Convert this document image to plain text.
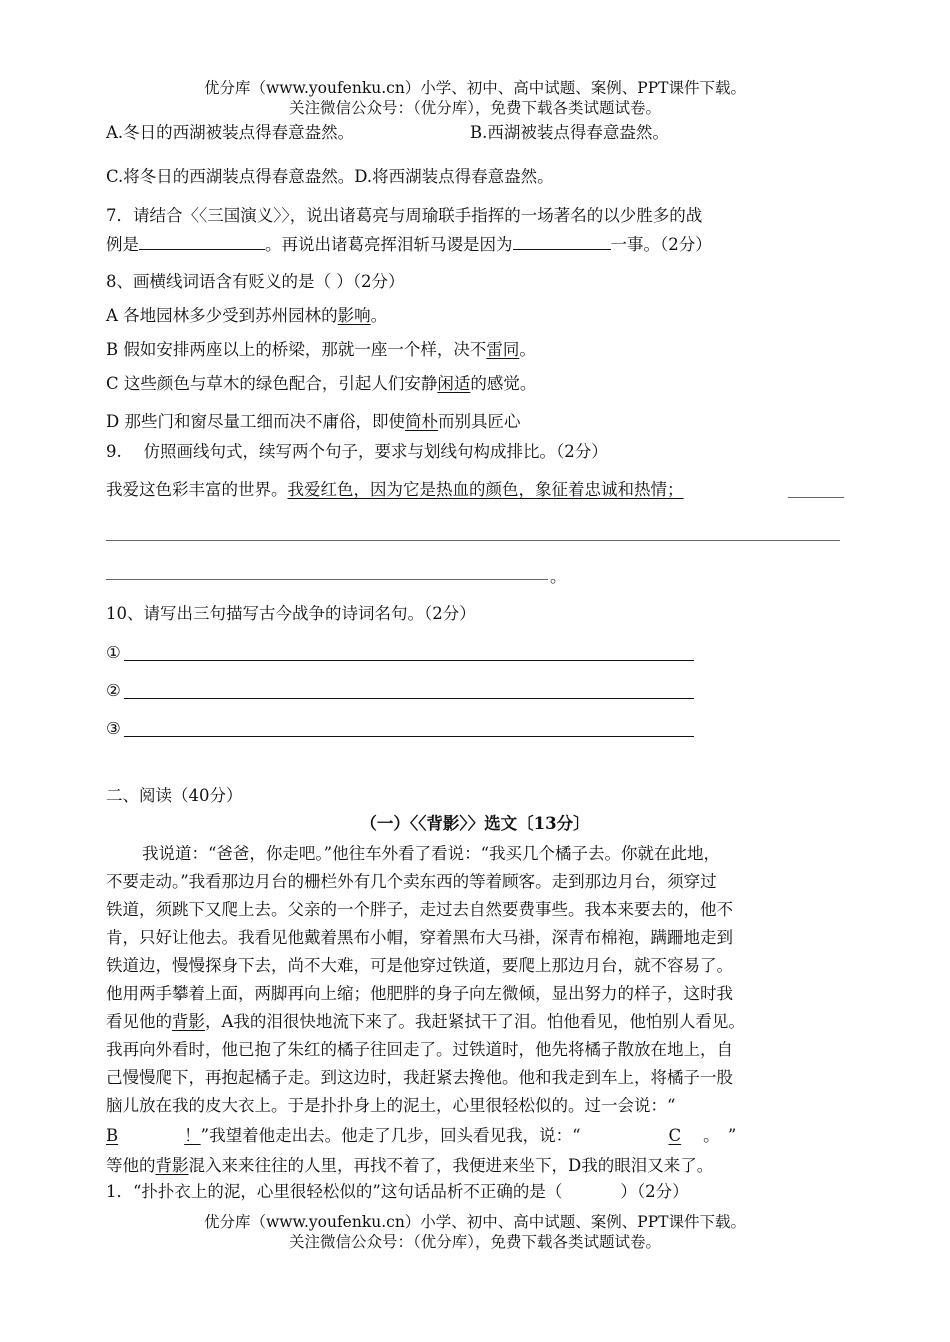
优分库（www.youfenku.cn）小学、初中、高中试题、案例、PPT课件下载。
关注微信公众号：（优分库），免费下载各类试题试卷。
A.冬日的西湖被装点得春意盎然。	B.西湖被装点得春意盎然。
C.将冬日的西湖装点得春意盎然。D.将西湖装点得春意盎然。
7．请结合〈〈三国演义〉〉，说出诸葛亮与周瑜联手指挥的一场著名的以少胜多的战
例是	。再说出诸葛亮挥泪斩马谡是因为	一事。（2分）
8、画横线词语含有贬义的是（ ）（2分）
A 各地园林多少受到苏州园林的影响。
B 假如安排两座以上的桥梁，那就一座一个样，决不雷同。
C 这些颜色与草木的绿色配合，引起人们安静闲适的感觉。
D 那些门和窗尽量工细而决不庸俗，即使简朴而别具匠心
9.　 仿照画线句式，续写两个句子，要求与划线句构成排比。（2分）
我爱这色彩丰富的世界。我爱红色，因为它是热血的颜色，象征着忠诚和热情；
。
10、请写出三句描写古今战争的诗词名句。（2分）
①
②
③
二、阅读（40分）
（一）〈〈背影〉〉选文〔13分〕
我说道：“爸爸，你走吧。”他往车外看了看说：“我买几个橘子去。你就在此地，
不要走动。”我看那边月台的栅栏外有几个卖东西的等着顾客。走到那边月台，须穿过
铁道，须跳下又爬上去。父亲的一个胖子，走过去自然要费事些。我本来要去的，他不
肯，只好让他去。我看见他戴着黑布小帽，穿着黑布大马褂，深青布棉袍，蹒跚地走到
铁道边，慢慢探身下去，尚不大难，可是他穿过铁道，要爬上那边月台，就不容易了。
他用两手攀着上面，两脚再向上缩；他肥胖的身子向左微倾，显出努力的样子，这时我
看见他的背影，A我的泪很快地流下来了。我赶紧拭干了泪。怕他看见，他怕别人看见。
我再向外看时，他已抱了朱红的橘子往回走了。过铁道时，他先将橘子散放在地上，自
己慢慢爬下，再抱起橘子走。到这边时，我赶紧去搀他。他和我走到车上，将橘子一股
脑儿放在我的皮大衣上。于是扑扑身上的泥土，心里很轻松似的。过一会说：“
B	！”我望着他走出去。他走了几步，回头看见我，说：“	C 。　”
等他的背影混入来来往往的人里，再找不着了，我便进来坐下，D我的眼泪又来了。
1．“扑扑衣上的泥，心里很轻松似的”这句话品析不正确的是（	）（2分）
优分库（www.youfenku.cn）小学、初中、高中试题、案例、PPT课件下载。
关注微信公众号：（优分库），免费下载各类试题试卷。
